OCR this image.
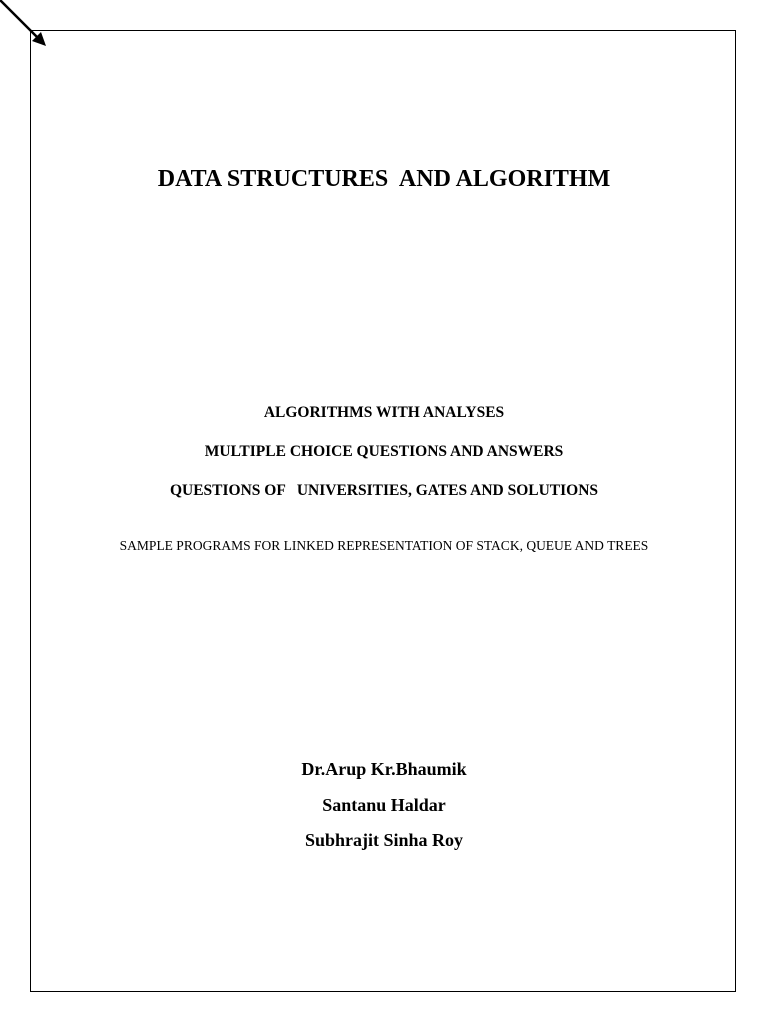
DATA STRUCTURES  AND ALGORITHM
ALGORITHMS WITH ANALYSES
MULTIPLE CHOICE QUESTIONS AND ANSWERS
QUESTIONS OF   UNIVERSITIES, GATES AND SOLUTIONS
SAMPLE PROGRAMS FOR LINKED REPRESENTATION OF STACK, QUEUE AND TREES
Dr.Arup Kr.Bhaumik
Santanu Haldar
Subhrajit Sinha Roy
